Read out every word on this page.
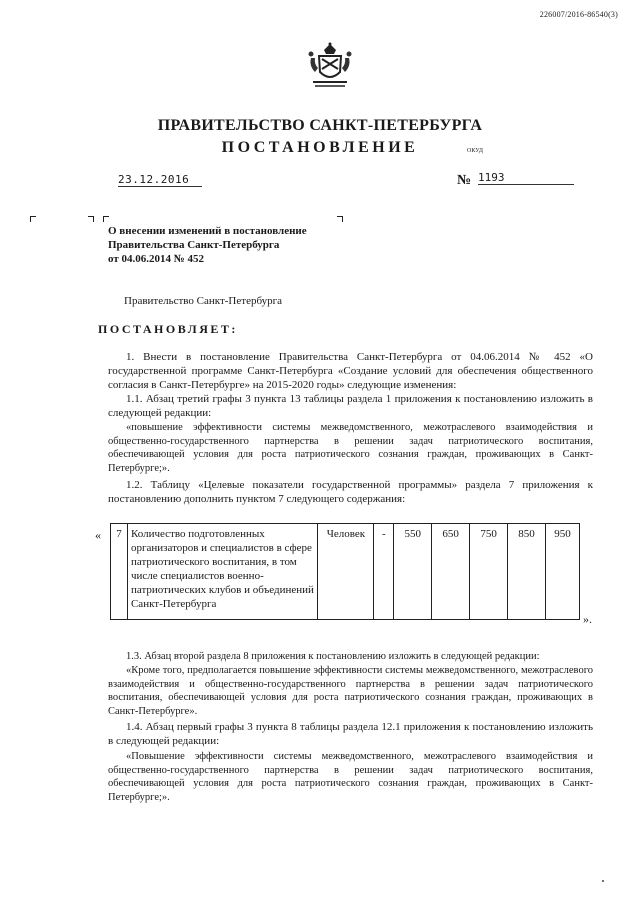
226007/2016-86540(3)
ПРАВИТЕЛЬСТВО САНКТ-ПЕТЕРБУРГА
ПОСТАНОВЛЕНИЕ	ОКУД
23.12.2016	№ 1193
О внесении изменений в постановление
Правительства Санкт-Петербурга
от 04.06.2014 № 452
Правительство Санкт-Петербурга
ПОСТАНОВЛЯЕТ:
1. Внести в постановление Правительства Санкт-Петербурга от 04.06.2014 № 452 «О государственной программе Санкт-Петербурга «Создание условий для обеспечения общественного согласия в Санкт-Петербурге» на 2015-2020 годы» следующие изменения:
1.1. Абзац третий графы 3 пункта 13 таблицы раздела 1 приложения к постановлению изложить в следующей редакции:
«повышение эффективности системы межведомственного, межотраслевого взаимодействия и общественно-государственного партнерства в решении задач патриотического воспитания, обеспечивающей условия для роста патриотического сознания граждан, проживающих в Санкт-Петербурге;».
1.2. Таблицу «Целевые показатели государственной программы» раздела 7 приложения к постановлению дополнить пунктом 7 следующего содержания:
« 7	Количество подготовленных организаторов и специалистов в сфере патриотического воспитания, в том числе специалистов военно-патриотических клубов и объединений Санкт-Петербурга	Человек	-	550	650	750	850	950
».
1.3. Абзац второй раздела 8 приложения к постановлению изложить в следующей редакции:
«Кроме того, предполагается повышение эффективности системы межведомственного, межотраслевого взаимодействия и общественно-государственного партнерства в решении задач патриотического воспитания, обеспечивающей условия для роста патриотического сознания граждан, проживающих в Санкт-Петербурге».
1.4. Абзац первый графы 3 пункта 8 таблицы раздела 12.1 приложения к постановлению изложить в следующей редакции:
«Повышение эффективности системы межведомственного, межотраслевого взаимодействия и общественно-государственного партнерства в решении задач патриотического воспитания, обеспечивающей условия для роста патриотического сознания граждан, проживающих в Санкт-Петербурге;».
